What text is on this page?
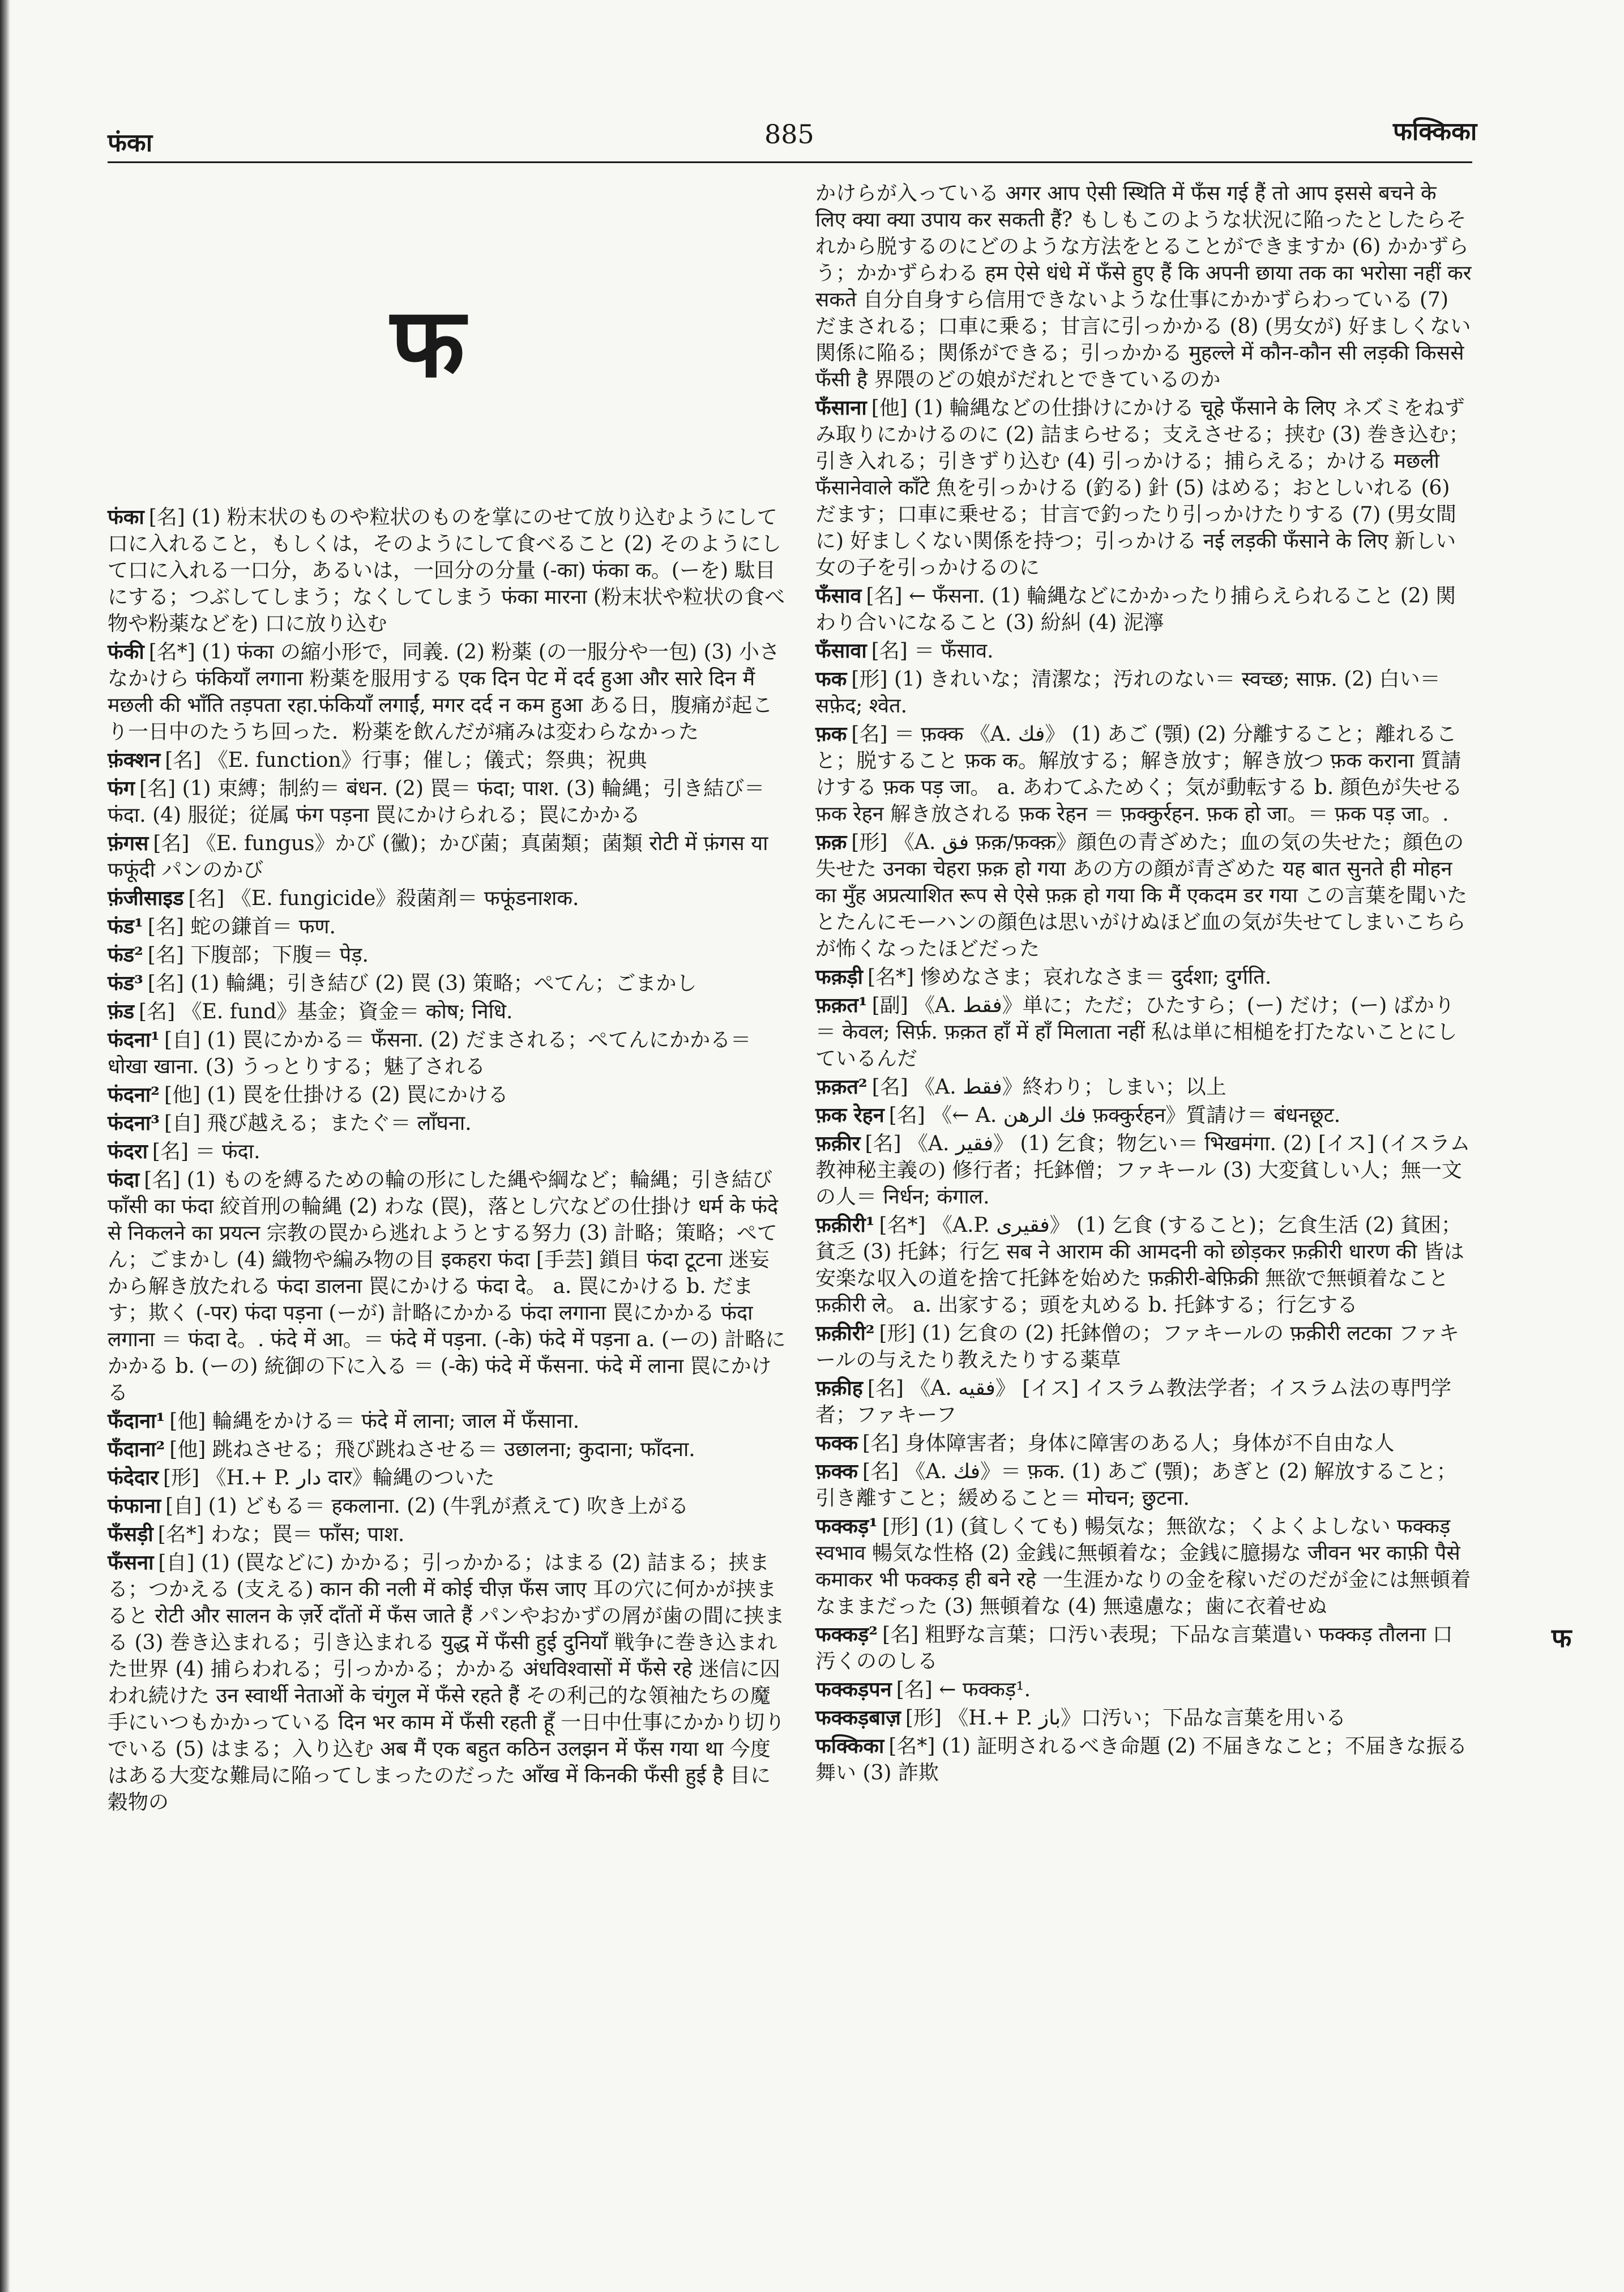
फंका	885	फक्किका
फ
फंका [名] (1) 粉末状のものや粒状のものを掌にのせて放り込むようにして口に入れること，もしくは，そのようにして食べること (2) そのようにして口に入れる一口分，あるいは，一回分の分量 (-का) फंका क。(ーを) 駄目にする；つぶしてしまう；なくしてしまう फंका मारना (粉末状や粒状の食べ物や粉薬などを) 口に放り込む
फंकी [名*] (1) फंका の縮小形で，同義. (2) 粉薬 (の一服分や一包) (3) 小さなかけら फंकियाँ लगाना 粉薬を服用する एक दिन पेट में दर्द हुआ और सारे दिन मैं मछली की भाँति तड़पता रहा.फंकियाँ लगाईं, मगर दर्द न कम हुआ ある日，腹痛が起こり一日中のたうち回った．粉薬を飲んだが痛みは変わらなかった
फ़ंक्शन [名] 《E. function》行事；催し；儀式；祭典；祝典
फंग [名] (1) 束縛；制約＝ बंधन. (2) 罠＝ फंदा; पाश. (3) 輪縄；引き結び＝ फंदा. (4) 服従；従属 फंग पड़ना 罠にかけられる；罠にかかる
फ़ंगस [名] 《E. fungus》かび (黴)；かび菌；真菌類；菌類 रोटी में फ़ंगस या फफूंदी パンのかび
फ़ंजीसाइड [名] 《E. fungicide》殺菌剤＝ फफूंडनाशक.
फंड¹ [名] 蛇の鎌首＝ फण.
फंड² [名] 下腹部；下腹＝ पेड़.
फंड³ [名] (1) 輪縄；引き結び (2) 罠 (3) 策略；ぺてん；ごまかし
फ़ंड [名] 《E. fund》基金；資金＝ कोष; निधि.
फंदना¹ [自] (1) 罠にかかる＝ फँसना. (2) だまされる；ぺてんにかかる＝ धोखा खाना. (3) うっとりする；魅了される
फंदना² [他] (1) 罠を仕掛ける (2) 罠にかける
फंदना³ [自] 飛び越える；またぐ＝ लाँघना.
फंदरा [名] ＝ फंदा.
फंदा [名] (1) ものを縛るための輪の形にした縄や綱など；輪縄；引き結び फाँसी का फंदा 絞首刑の輪縄 (2) わな (罠)，落とし穴などの仕掛け धर्म के फंदे से निकलने का प्रयत्न 宗教の罠から逃れようとする努力 (3) 計略；策略；ぺてん；ごまかし (4) 織物や編み物の目 इकहरा फंदा [手芸] 鎖目 फंदा टूटना 迷妄から解き放たれる फंदा डालना 罠にかける फंदा दे。 a. 罠にかける b. だます；欺く (-पर) फंदा पड़ना (ーが) 計略にかかる फंदा लगाना 罠にかかる फंदा लगाना ＝ फंदा दे。. फंदे में आ。＝ फंदे में पड़ना. (-के) फंदे में पड़ना a. (ーの) 計略にかかる b. (ーの) 統御の下に入る ＝ (-के) फंदे में फँसना. फंदे में लाना 罠にかける
फँदाना¹ [他] 輪縄をかける＝ फंदे में लाना; जाल में फँसाना.
फँदाना² [他] 跳ねさせる；飛び跳ねさせる＝ उछालना; कुदाना; फाँदना.
फंदेदार [形] 《H.+ P. دار दार》輪縄のついた
फंफाना [自] (1) どもる＝ हकलाना. (2) (牛乳が煮えて) 吹き上がる
फँसड़ी [名*] わな；罠＝ फाँस; पाश.
फँसना [自] (1) (罠などに) かかる；引っかかる；はまる (2) 詰まる；挟まる；つかえる (支える) कान की नली में कोई चीज़ फँस जाए 耳の穴に何かが挟まると रोटी और सालन के ज़र्रे दाँतों में फँस जाते हैं パンやおかずの屑が歯の間に挟まる (3) 巻き込まれる；引き込まれる युद्ध में फँसी हुई दुनियाँ 戦争に巻き込まれた世界 (4) 捕らわれる；引っかかる；かかる अंधविश्वासों में फँसे रहे 迷信に囚われ続けた उन स्वार्थी नेताओं के चंगुल में फँसे रहते हैं その利己的な領袖たちの魔手にいつもかかっている दिन भर काम में फँसी रहती हूँ 一日中仕事にかかり切りでいる (5) はまる；入り込む अब मैं एक बहुत कठिन उलझन में फँस गया था 今度はある大変な難局に陥ってしまったのだった आँख में किनकी फँसी हुई है 目に穀物の
かけらが入っている अगर आप ऐसी स्थिति में फँस गई हैं तो आप इससे बचने के लिए क्या क्या उपाय कर सकती हैं? もしもこのような状況に陥ったとしたらそれから脱するのにどのような方法をとることができますか (6) かかずらう；かかずらわる हम ऐसे धंधे में फँसे हुए हैं कि अपनी छाया तक का भरोसा नहीं कर सकते 自分自身すら信用できないような仕事にかかずらわっている (7) だまされる；口車に乗る；甘言に引っかかる (8) (男女が) 好ましくない関係に陥る；関係ができる；引っかかる मुहल्ले में कौन-कौन सी लड़की किससे फँसी है 界隈のどの娘がだれとできているのか
फँसाना [他] (1) 輪縄などの仕掛けにかける चूहे फँसाने के लिए ネズミをねずみ取りにかけるのに (2) 詰まらせる；支えさせる；挟む (3) 巻き込む；引き入れる；引きずり込む (4) 引っかける；捕らえる；かける मछली फँसानेवाले काँटे 魚を引っかける (釣る) 針 (5) はめる；おとしいれる (6) だます；口車に乗せる；甘言で釣ったり引っかけたりする (7) (男女間に) 好ましくない関係を持つ；引っかける नई लड़की फँसाने के लिए 新しい女の子を引っかけるのに
फँसाव [名] ← फँसना. (1) 輪縄などにかかったり捕らえられること (2) 関わり合いになること (3) 紛糾 (4) 泥濘
फँसावा [名] ＝ फँसाव.
फक [形] (1) きれいな；清潔な；汚れのない＝ स्वच्छ; साफ़. (2) 白い＝ सफ़ेद; श्वेत.
फ़क [名] ＝ फ़क्क 《A. فك》 (1) あご (顎) (2) 分離すること；離れること；脱すること फ़क क。解放する；解き放す；解き放つ फ़क कराना 質請けする फ़क पड़ जा。 a. あわてふためく；気が動転する b. 顔色が失せる फ़क रेहन 解き放される फ़क रेहन ＝ फ़क्कुर्रहन. फ़क हो जा。＝ फ़क पड़ जा。.
फ़क़ [形] 《A. فق फ़क़/फ़क्क़》顔色の青ざめた；血の気の失せた；顔色の失せた उनका चेहरा फ़क़ हो गया あの方の顔が青ざめた यह बात सुनते ही मोहन का मुँह अप्रत्याशित रूप से ऐसे फ़क़ हो गया कि मैं एकदम डर गया この言葉を聞いたとたんにモーハンの顔色は思いがけぬほど血の気が失せてしまいこちらが怖くなったほどだった
फक़ड़ी [名*] 惨めなさま；哀れなさま＝ दुर्दशा; दुर्गति.
फ़क़त¹ [副] 《A. فقط》単に；ただ；ひたすら；(ー) だけ；(ー) ばかり＝ केवल; सिर्फ़. फ़क़त हाँ में हाँ मिलाता नहीं 私は単に相槌を打たないことにしているんだ
फ़क़त² [名] 《A. فقط》終わり；しまい；以上
फ़क रेहन [名] 《← A. فك الرهن फ़क्कुर्रहन》質請け＝ बंधनछूट.
फ़क़ीर [名] 《A. فقير》 (1) 乞食；物乞い＝ भिखमंगा. (2) [イス] (イスラム教神秘主義の) 修行者；托鉢僧；ファキール (3) 大変貧しい人；無一文の人＝ निर्धन; कंगाल.
फ़क़ीरी¹ [名*] 《A.P. فقيری》 (1) 乞食 (すること)；乞食生活 (2) 貧困；貧乏 (3) 托鉢；行乞 सब ने आराम की आमदनी को छोड़कर फ़क़ीरी धारण की 皆は安楽な収入の道を捨て托鉢を始めた फ़क़ीरी-बेफ़िक्री 無欲で無頓着なこと फ़क़ीरी ले。 a. 出家する；頭を丸める b. 托鉢する；行乞する
फ़क़ीरी² [形] (1) 乞食の (2) 托鉢僧の；ファキールの फ़क़ीरी लटका ファキールの与えたり教えたりする薬草
फ़क़ीह [名] 《A. فقيه》 [イス] イスラム教法学者；イスラム法の専門学者；ファキーフ
फक्क [名] 身体障害者；身体に障害のある人；身体が不自由な人
फ़क्क [名] 《A. فك》＝ फ़क. (1) あご (顎)；あぎと (2) 解放すること；引き離すこと；緩めること＝ मोचन; छुटना.
फक्कड़¹ [形] (1) (貧しくても) 暢気な；無欲な；くよくよしない फक्कड़ स्वभाव 暢気な性格 (2) 金銭に無頓着な；金銭に臆揚な जीवन भर काफ़ी पैसे कमाकर भी फक्कड़ ही बने रहे 一生涯かなりの金を稼いだのだが金には無頓着なままだった (3) 無頓着な (4) 無遠慮な；歯に衣着せぬ
फक्कड़² [名] 粗野な言葉；口汚い表現；下品な言葉遣い फक्कड़ तौलना 口汚くののしる
फक्कड़पन [名] ← फक्कड़¹.
फक्कड़बाज़ [形] 《H.+ P. باز》口汚い；下品な言葉を用いる
फक्किका [名*] (1) 証明されるべき命題 (2) 不届きなこと；不届きな振る舞い (3) 詐欺
फ
